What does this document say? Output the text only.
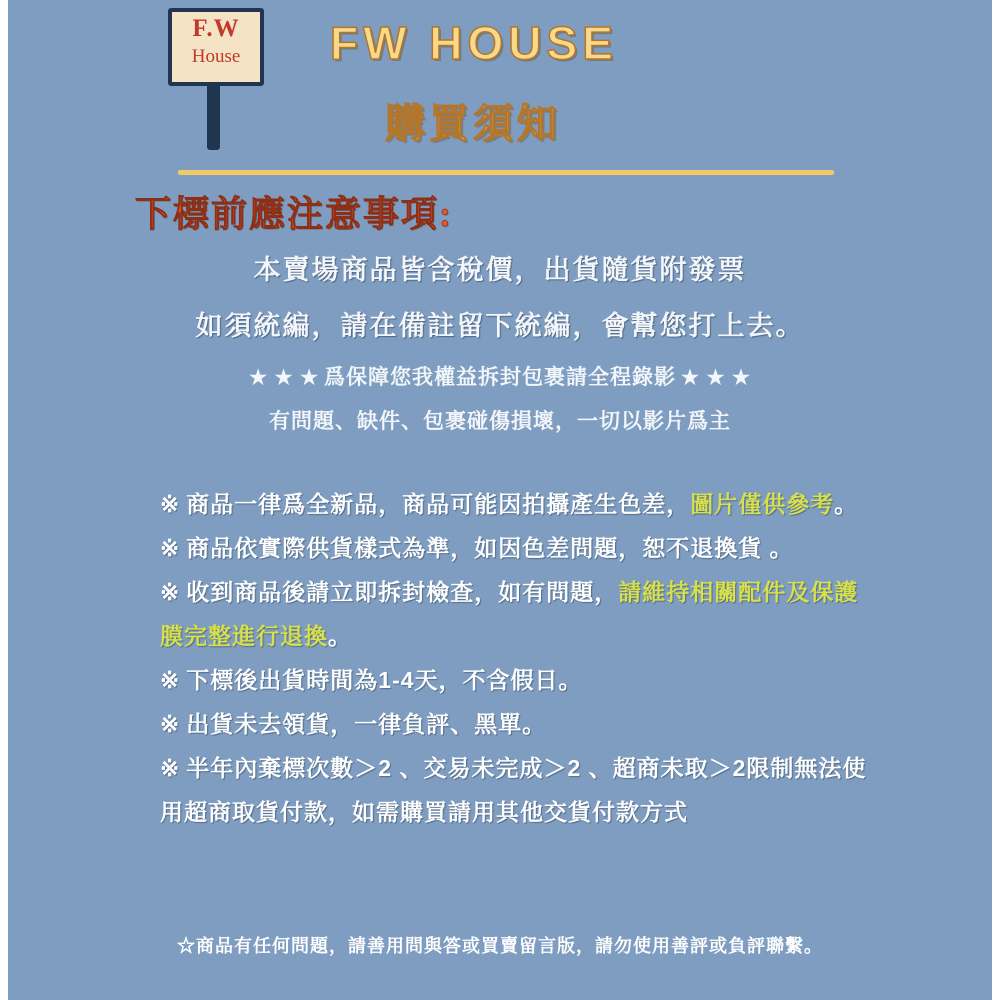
F.W
House	FW HOUSE
購買須知
下標前應注意事項:
本賣場商品皆含稅價，出貨隨貨附發票
如須統編，請在備註留下統編，會幫您打上去。
★ ★ ★ 爲保障您我權益拆封包裹請全程錄影 ★ ★ ★
有問題、缺件、包裹碰傷損壞，一切以影片爲主
※ 商品一律爲全新品，商品可能因拍攝產生色差，圖片僅供參考。
※ 商品依實際供貨樣式為準，如因色差問題，恕不退換貨 。
※ 收到商品後請立即拆封檢查，如有問題，請維持相關配件及保護膜完整進行退換。
※ 下標後出貨時間為1-4天，不含假日。
※ 出貨未去領貨，一律負評、黑單。
※ 半年內棄標次數＞2 、交易未完成＞2 、超商未取＞2限制無法使用超商取貨付款，如需購買請用其他交貨付款方式
☆商品有任何問題，請善用問與答或買賣留言版，請勿使用善評或負評聯繫。
